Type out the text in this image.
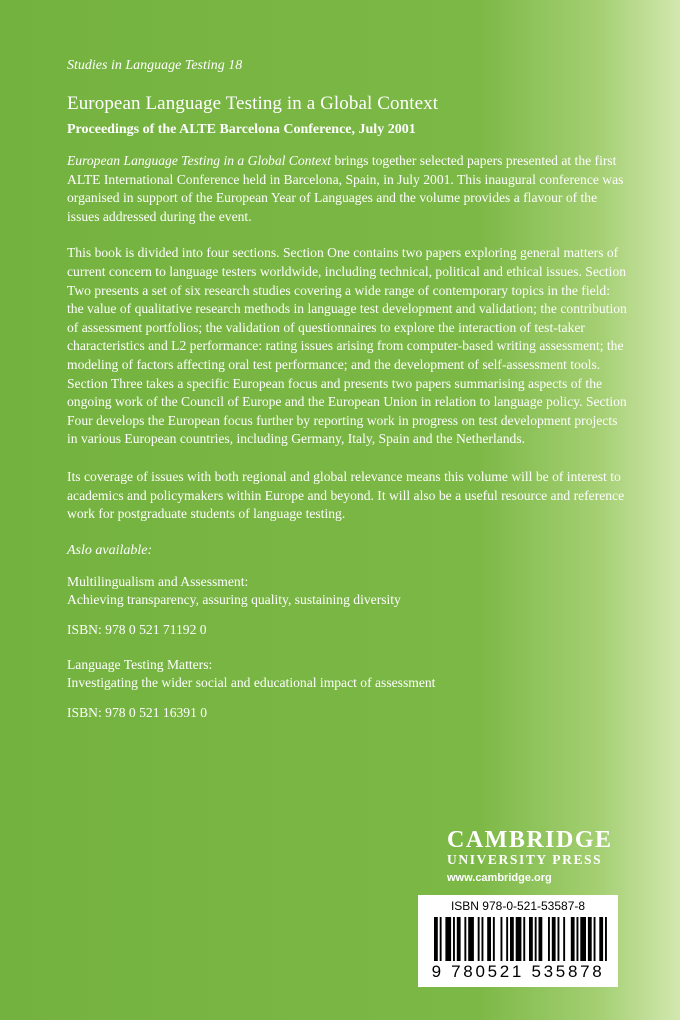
Studies in Language Testing 18
European Language Testing in a Global Context
Proceedings of the ALTE Barcelona Conference, July 2001

European Language Testing in a Global Context brings together selected papers presented at the first ALTE International Conference held in Barcelona, Spain, in July 2001. This inaugural conference was organised in support of the European Year of Languages and the volume provides a flavour of the issues addressed during the event.

This book is divided into four sections. Section One contains two papers exploring general matters of current concern to language testers worldwide, including technical, political and ethical issues. Section Two presents a set of six research studies covering a wide range of contemporary topics in the field: the value of qualitative research methods in language test development and validation; the contribution of assessment portfolios; the validation of questionnaires to explore the interaction of test-taker characteristics and L2 performance: rating issues arising from computer-based writing assessment; the modeling of factors affecting oral test performance; and the development of self-assessment tools. Section Three takes a specific European focus and presents two papers summarising aspects of the ongoing work of the Council of Europe and the European Union in relation to language policy. Section Four develops the European focus further by reporting work in progress on test development projects in various European countries, including Germany, Italy, Spain and the Netherlands.

Its coverage of issues with both regional and global relevance means this volume will be of interest to academics and policymakers within Europe and beyond. It will also be a useful resource and reference work for postgraduate students of language testing.

Aslo available:
Multilingualism and Assessment:
Achieving transparency, assuring quality, sustaining diversity
ISBN: 978 0 521 71192 0
Language Testing Matters:
Investigating the wider social and educational impact of assessment
ISBN: 978 0 521 16391 0
CAMBRIDGE
UNIVERSITY PRESS
www.cambridge.org
ISBN 978-0-521-53587-8
9 780521 535878
